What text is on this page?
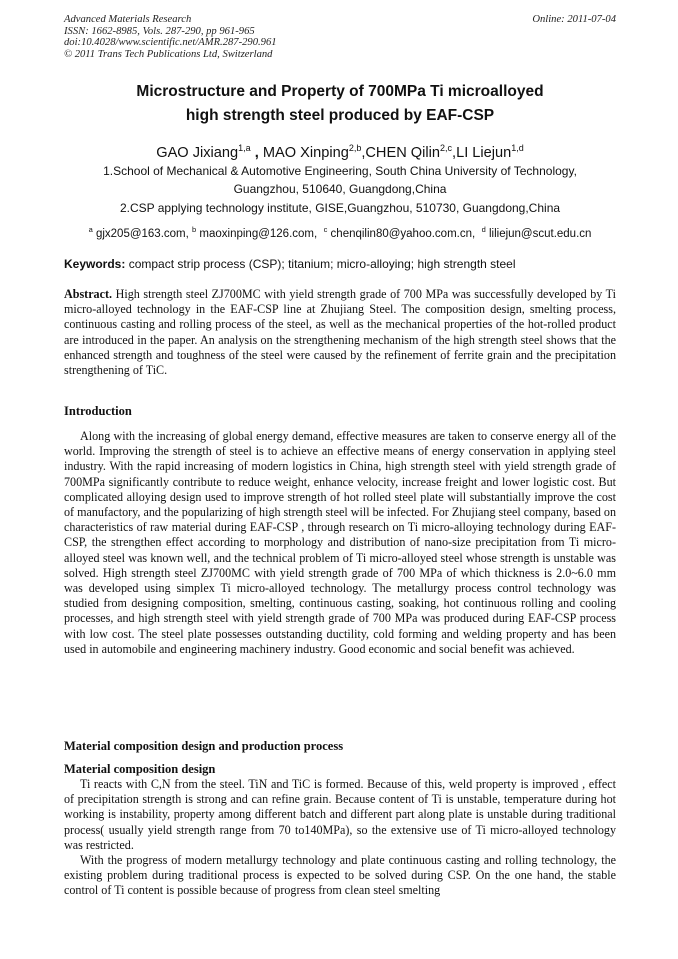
Advanced Materials Research
ISSN: 1662-8985, Vols. 287-290, pp 961-965
doi:10.4028/www.scientific.net/AMR.287-290.961
© 2011 Trans Tech Publications Ltd, Switzerland
Online: 2011-07-04
Microstructure and Property of 700MPa Ti microalloyed
high strength steel produced by EAF-CSP
GAO Jixiang$^{1,a}$ , MAO Xinping$^{2,b}$,CHEN Qilin$^{2,c}$,LI Liejun$^{1,d}$
1.School of Mechanical & Automotive Engineering, South China University of Technology,
Guangzhou, 510640, Guangdong,China
2.CSP applying technology institute, GISE,Guangzhou, 510730, Guangdong,China
$^a$ gjx205@163.com, $^b$ maoxinping@126.com, $^c$ chenqilin80@yahoo.com.cn, $^d$ liliejun@scut.edu.cn
Keywords: compact strip process (CSP); titanium; micro-alloying; high strength steel
Abstract. High strength steel ZJ700MC with yield strength grade of 700 MPa was successfully developed by Ti micro-alloyed technology in the EAF-CSP line at Zhujiang Steel. The composition design, smelting process, continuous casting and rolling process of the steel, as well as the mechanical properties of the hot-rolled product are introduced in the paper. An analysis on the strengthening mechanism of the high strength steel shows that the enhanced strength and toughness of the steel were caused by the refinement of ferrite grain and the precipitation strengthening of TiC.
Introduction

Along with the increasing of global energy demand, effective measures are taken to conserve energy all of the world. Improving the strength of steel is to achieve an effective means of energy conservation in applying steel industry. With the rapid increasing of modern logistics in China, high strength steel with yield strength grade of 700MPa significantly contribute to reduce weight, enhance velocity, increase freight and lower logistic cost. But complicated alloying design used to improve strength of hot rolled steel plate will substantially improve the cost of manufactory, and the popularizing of high strength steel will be infected. For Zhujiang steel company, based on characteristics of raw material during EAF-CSP , through research on Ti micro-alloying technology during EAF-CSP, the strengthen effect according to morphology and distribution of nano-size precipitation from Ti micro-alloyed steel was known well, and the technical problem of Ti micro-alloyed steel whose strength is unstable was solved. High strength steel ZJ700MC with yield strength grade of 700 MPa of which thickness is 2.0~6.0 mm was developed using simplex Ti micro-alloyed technology. The metallurgy process control technology was studied from designing composition, smelting, continuous casting, soaking, hot continuous rolling and cooling processes, and high strength steel with yield strength grade of 700 MPa was produced during EAF-CSP process with low cost. The steel plate possesses outstanding ductility, cold forming and welding property and has been used in automobile and engineering machinery industry. Good economic and social benefit was achieved.

Material composition design and production process
Material composition design

Ti reacts with C,N from the steel. TiN and TiC is formed. Because of this, weld property is improved , effect of precipitation strength is strong and can refine grain. Because content of Ti is unstable, temperature during hot working is instability, property among different batch and different part along plate is unstable during traditional process( usually yield strength range from 70 to140MPa), so the extensive use of Ti micro-alloyed technology was restricted.

With the progress of modern metallurgy technology and plate continuous casting and rolling technology, the existing problem during traditional process is expected to be solved during CSP. On the one hand, the stable control of Ti content is possible because of progress from clean steel smelting
